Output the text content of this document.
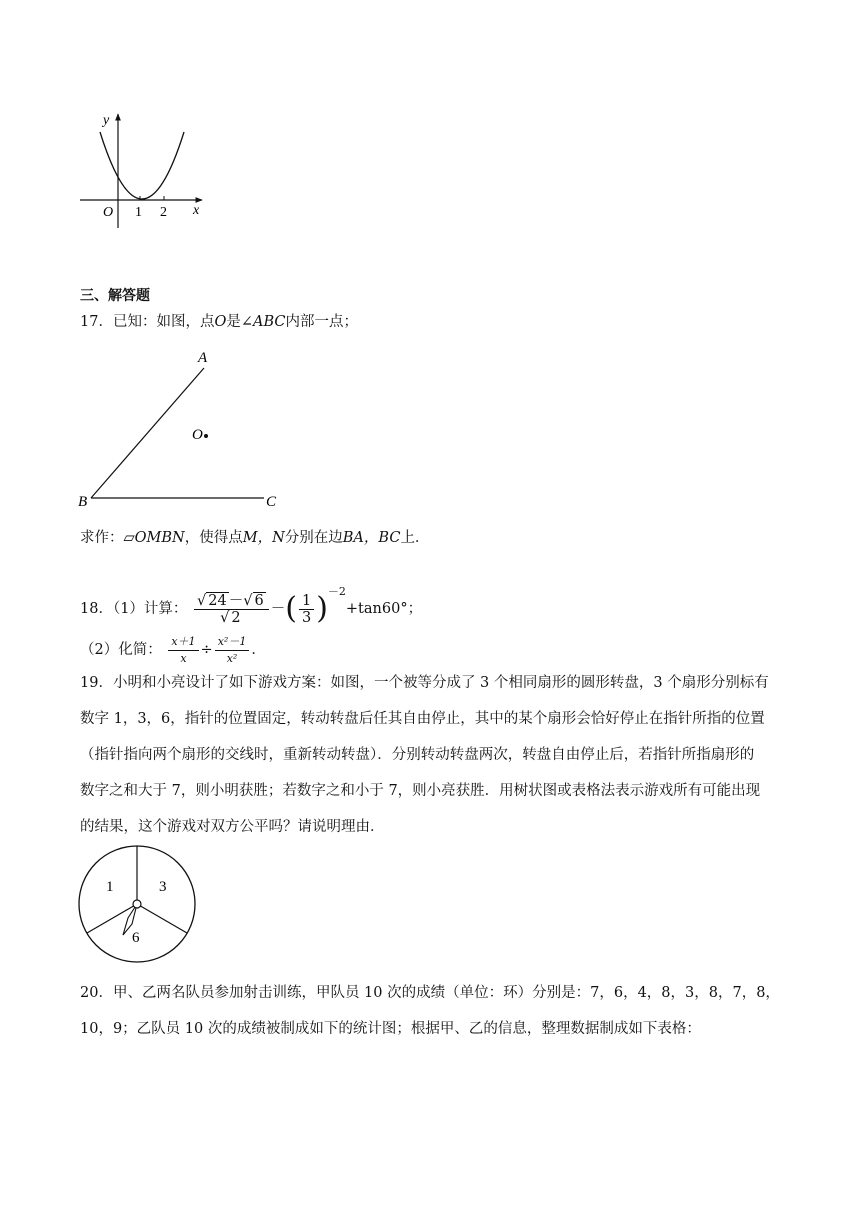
y
x
O 1 2
三、解答题
17．已知：如图，点O是∠ABC内部一点；
A
B	C
O
求作：▱OMBN，使得点M，N分别在边BA，BC上．
18．（1）计算： $\frac{√ 24 -√ 6}{√ 2}$ －( $\frac{1}{3} )^{-2}+\tan 60^\circ$；
（2）化简： $\frac{x+1}{x} \div \frac{\text{x²－1}}{\text{x²}}$ ．
19．小明和小亮设计了如下游戏方案：如图，一个被等分成了 3 个相同扇形的圆形转盘，3 个扇形分别标有
数字 1，3，6，指针的位置固定，转动转盘后任其自由停止，其中的某个扇形会恰好停止在指针所指的位置
（指针指向两个扇形的交线时，重新转动转盘）．分别转动转盘两次，转盘自由停止后，若指针所指扇形的
数字之和大于 7，则小明获胜；若数字之和小于 7，则小亮获胜．用树状图或表格法表示游戏所有可能出现
的结果，这个游戏对双方公平吗？请说明理由．
1	3
6
20．甲、乙两名队员参加射击训练，甲队员 10 次的成绩（单位：环）分别是：7，6，4，8，3，8，7，8，
10，9；乙队员 10 次的成绩被制成如下的统计图；根据甲、乙的信息，整理数据制成如下表格：
